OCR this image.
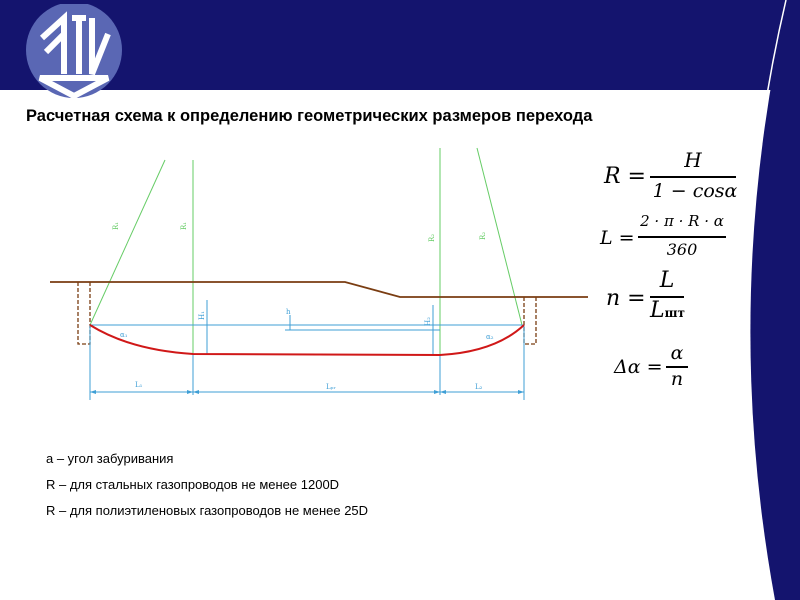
Расчетная схема к определению геометрических размеров перехода
R₁	R₁
R₂	R₂
H₁	h
H₂
α₁	α₂
L₁	Lₚᵣ	L₂
R =
H
1 − cosα
L =
2 · π · R · α
360
n =
L
Lшт
Δα =
α
n
а – угол забуривания
R – для стальных газопроводов не менее 1200D
R – для полиэтиленовых газопроводов не менее 25D
